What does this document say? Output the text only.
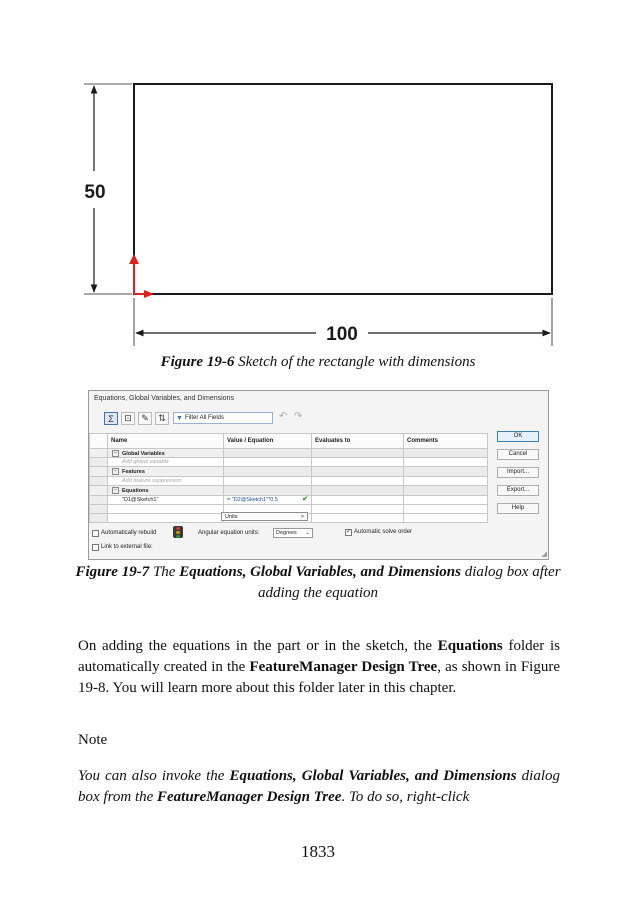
50
100
Figure 19-6 Sketch of the rectangle with dimensions
Equations, Global Variables, and Dimensions
Σ ⊡ ✎ ⇅ ▼ Filter All Fields	↶ ↷
	Name	Value / Equation	Evaluates to	Comments
	− Global Variables			
	Add global variable			
	− Features			
	Add feature suppression			
	− Equations			
	"D1@Sketch1"	= "D2@Sketch1"*0.5 ✔		

Units	>
OK
Cancel
Import...
Export...
Help
Automatically rebuild	Angular equation units:	Degrees ⌄	✓ Automatic solve order
Link to external file:
◢
Figure 19-7 The Equations, Global Variables, and Dimensions dialog box after adding the equation
On adding the equations in the part or in the sketch, the Equations folder is automatically created in the FeatureManager Design Tree, as shown in Figure 19-8. You will learn more about this folder later in this chapter.
Note
You can also invoke the Equations, Global Variables, and Dimensions dialog box from the FeatureManager Design Tree. To do so, right-click
1833
